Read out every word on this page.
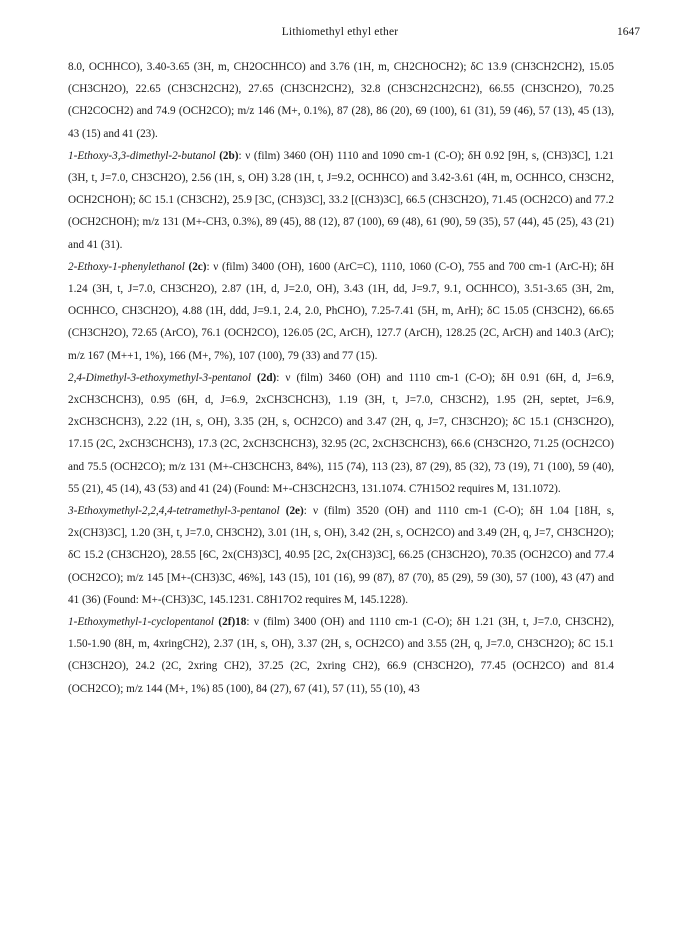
Lithiomethyl ethyl ether	1647

8.0, OCHHCO), 3.40-3.65 (3H, m, CH2OCHHCO) and 3.76 (1H, m, CH2CHOCH2); δC 13.9 (CH3CH2CH2), 15.05 (CH3CH2O), 22.65 (CH3CH2CH2), 27.65 (CH3CH2CH2), 32.8 (CH3CH2CH2CH2), 66.55 (CH3CH2O), 70.25 (CH2COCH2) and 74.9 (OCH2CO); m/z 146 (M+, 0.1%), 87 (28), 86 (20), 69 (100), 61 (31), 59 (46), 57 (13), 45 (13), 43 (15) and 41 (23).

1-Ethoxy-3,3-dimethyl-2-butanol (2b): ν (film) 3460 (OH) 1110 and 1090 cm-1 (C-O); δH 0.92 [9H, s, (CH3)3C], 1.21 (3H, t, J=7.0, CH3CH2O), 2.56 (1H, s, OH) 3.28 (1H, t, J=9.2, OCHHCO) and 3.42-3.61 (4H, m, OCHHCO, CH3CH2, OCH2CHOH); δC 15.1 (CH3CH2), 25.9 [3C, (CH3)3C], 33.2 [(CH3)3C], 66.5 (CH3CH2O), 71.45 (OCH2CO) and 77.2 (OCH2CHOH); m/z 131 (M+-CH3, 0.3%), 89 (45), 88 (12), 87 (100), 69 (48), 61 (90), 59 (35), 57 (44), 45 (25), 43 (21) and 41 (31).

2-Ethoxy-1-phenylethanol (2c): ν (film) 3400 (OH), 1600 (ArC=C), 1110, 1060 (C-O), 755 and 700 cm-1 (ArC-H); δH 1.24 (3H, t, J=7.0, CH3CH2O), 2.87 (1H, d, J=2.0, OH), 3.43 (1H, dd, J=9.7, 9.1, OCHHCO), 3.51-3.65 (3H, 2m, OCHHCO, CH3CH2O), 4.88 (1H, ddd, J=9.1, 2.4, 2.0, PhCHO), 7.25-7.41 (5H, m, ArH); δC 15.05 (CH3CH2), 66.65 (CH3CH2O), 72.65 (ArCO), 76.1 (OCH2CO), 126.05 (2C, ArCH), 127.7 (ArCH), 128.25 (2C, ArCH) and 140.3 (ArC); m/z 167 (M++1, 1%), 166 (M+, 7%), 107 (100), 79 (33) and 77 (15).

2,4-Dimethyl-3-ethoxymethyl-3-pentanol (2d): ν (film) 3460 (OH) and 1110 cm-1 (C-O); δH 0.91 (6H, d, J=6.9, 2xCH3CHCH3), 0.95 (6H, d, J=6.9, 2xCH3CHCH3), 1.19 (3H, t, J=7.0, CH3CH2), 1.95 (2H, septet, J=6.9, 2xCH3CHCH3), 2.22 (1H, s, OH), 3.35 (2H, s, OCH2CO) and 3.47 (2H, q, J=7, CH3CH2O); δC 15.1 (CH3CH2O), 17.15 (2C, 2xCH3CHCH3), 17.3 (2C, 2xCH3CHCH3), 32.95 (2C, 2xCH3CHCH3), 66.6 (CH3CH2O, 71.25 (OCH2CO) and 75.5 (OCH2CO); m/z 131 (M+-CH3CHCH3, 84%), 115 (74), 113 (23), 87 (29), 85 (32), 73 (19), 71 (100), 59 (40), 55 (21), 45 (14), 43 (53) and 41 (24) (Found: M+-CH3CH2CH3, 131.1074. C7H15O2 requires M, 131.1072).

3-Ethoxymethyl-2,2,4,4-tetramethyl-3-pentanol (2e): ν (film) 3520 (OH) and 1110 cm-1 (C-O); δH 1.04 [18H, s, 2x(CH3)3C], 1.20 (3H, t, J=7.0, CH3CH2), 3.01 (1H, s, OH), 3.42 (2H, s, OCH2CO) and 3.49 (2H, q, J=7, CH3CH2O); δC 15.2 (CH3CH2O), 28.55 [6C, 2x(CH3)3C], 40.95 [2C, 2x(CH3)3C], 66.25 (CH3CH2O), 70.35 (OCH2CO) and 77.4 (OCH2CO); m/z 145 [M+-(CH3)3C, 46%], 143 (15), 101 (16), 99 (87), 87 (70), 85 (29), 59 (30), 57 (100), 43 (47) and 41 (36) (Found: M+-(CH3)3C, 145.1231. C8H17O2 requires M, 145.1228).

1-Ethoxymethyl-1-cyclopentanol (2f)18: ν (film) 3400 (OH) and 1110 cm-1 (C-O); δH 1.21 (3H, t, J=7.0, CH3CH2), 1.50-1.90 (8H, m, 4xringCH2), 2.37 (1H, s, OH), 3.37 (2H, s, OCH2CO) and 3.55 (2H, q, J=7.0, CH3CH2O); δC 15.1 (CH3CH2O), 24.2 (2C, 2xring CH2), 37.25 (2C, 2xring CH2), 66.9 (CH3CH2O), 77.45 (OCH2CO) and 81.4 (OCH2CO); m/z 144 (M+, 1%) 85 (100), 84 (27), 67 (41), 57 (11), 55 (10), 43
